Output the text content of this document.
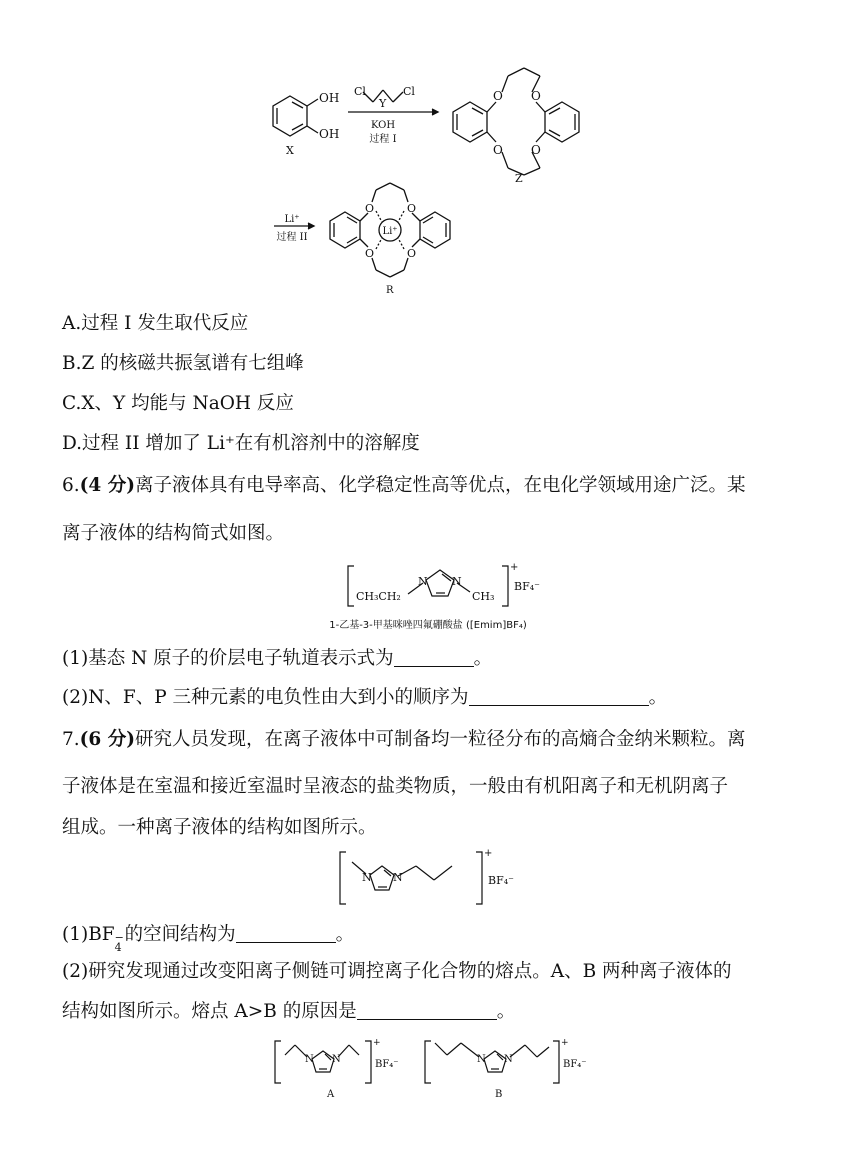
OH
OH
X
Cl	Cl
Y
KOH
过程 I
O O
O O
Z
Li⁺
过程 II
O	O
O	O
Li⁺
R
A.过程 I 发生取代反应
B.Z 的核磁共振氢谱有七组峰
C.X、Y 均能与 NaOH 反应
D.过程 II 增加了 Li⁺在有机溶剂中的溶解度
6.(4 分)离子液体具有电导率高、化学稳定性高等优点，在电化学领域用途广泛。某
离子液体的结构简式如图。
+
CH₃CH₂
N N
CH₃
BF₄⁻
1-乙基-3-甲基咪唑四氟硼酸盐 ([Emim]BF₄)
(1)基态 N 原子的价层电子轨道表示式为	。
(2)N、F、P 三种元素的电负性由大到小的顺序为	。
7.(6 分)研究人员发现，在离子液体中可制备均一粒径分布的高熵合金纳米颗粒。离
子液体是在室温和接近室温时呈液态的盐类物质，一般由有机阳离子和无机阴离子
组成。一种离子液体的结构如图所示。
N N
+
BF₄⁻
(1)BF −
4
的空间结构为	。
(2)研究发现通过改变阳离子侧链可调控离子化合物的熔点。A、B 两种离子液体的
结构如图所示。熔点 A>B 的原因是	。
N N
+
BF₄⁻
A
N N
+
BF₄⁻
B
